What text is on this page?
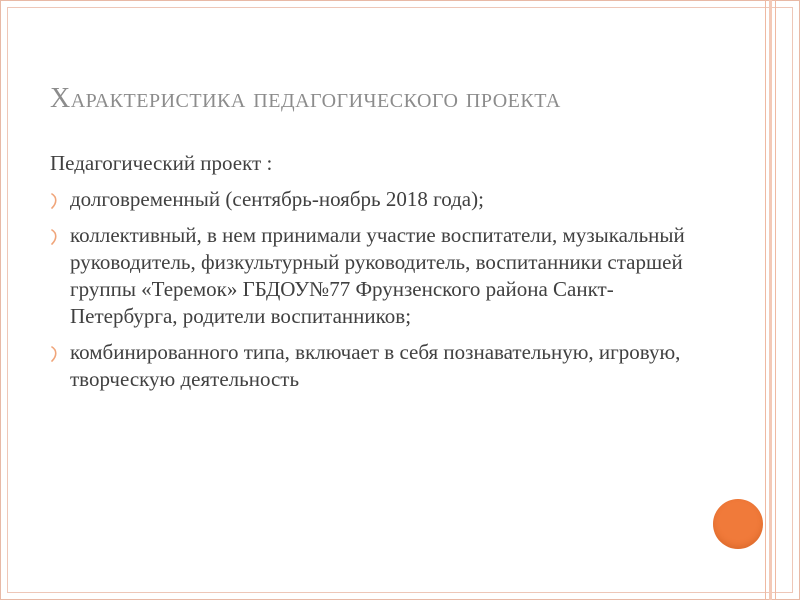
Характеристика педагогического проекта

Педагогический проект :

долговременный (сентябрь-ноябрь 2018 года);
коллективный, в нем принимали участие воспитатели, музыкальный руководитель, физкультурный руководитель, воспитанники старшей группы «Теремок» ГБДОУ№77 Фрунзенского района Санкт-Петербурга, родители воспитанников;
комбинированного типа, включает в себя познавательную, игровую, творческую деятельность
